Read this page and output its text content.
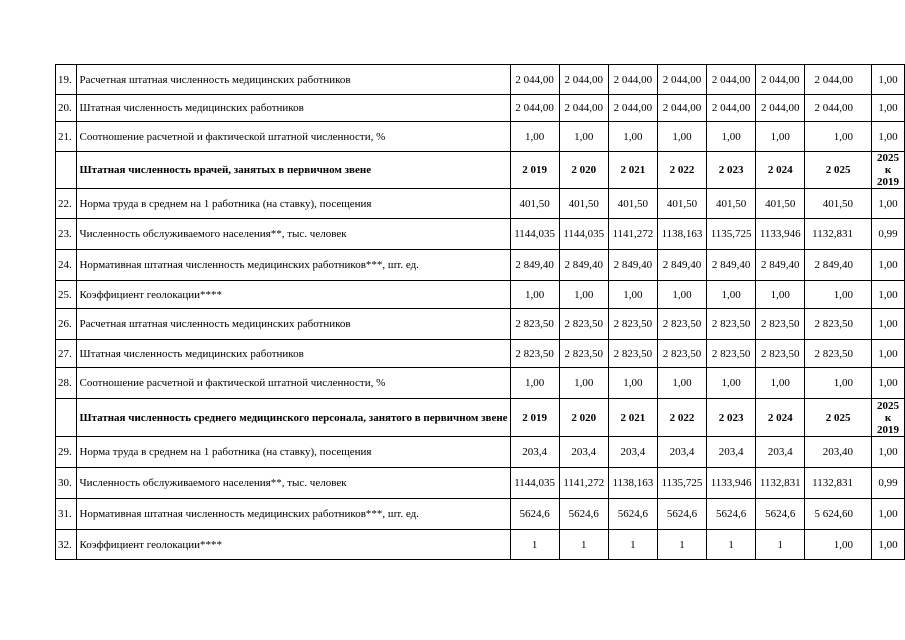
19.	Расчетная штатная численность медицинских работников	2 044,00	2 044,00	2 044,00	2 044,00	2 044,00	2 044,00	2 044,00	1,00
20.	Штатная численность медицинских работников	2 044,00	2 044,00	2 044,00	2 044,00	2 044,00	2 044,00	2 044,00	1,00
21.	Соотношение расчетной и фактической штатной численности, %	1,00	1,00	1,00	1,00	1,00	1,00	1,00	1,00
	Штатная численность врачей, занятых в первичном звене	2 019	2 020	2 021	2 022	2 023	2 024	2 025	2025 к 2019
22.	Норма труда в среднем на 1 работника (на ставку), посещения	401,50	401,50	401,50	401,50	401,50	401,50	401,50	1,00
23.	Численность обслуживаемого населения**, тыс. человек	1144,035	1144,035	1141,272	1138,163	1135,725	1133,946	1132,831	0,99
24.	Нормативная штатная численность медицинских работников***, шт. ед.	2 849,40	2 849,40	2 849,40	2 849,40	2 849,40	2 849,40	2 849,40	1,00
25.	Коэффициент геолокации****	1,00	1,00	1,00	1,00	1,00	1,00	1,00	1,00
26.	Расчетная штатная численность медицинских работников	2 823,50	2 823,50	2 823,50	2 823,50	2 823,50	2 823,50	2 823,50	1,00
27.	Штатная численность медицинских работников	2 823,50	2 823,50	2 823,50	2 823,50	2 823,50	2 823,50	2 823,50	1,00
28.	Соотношение расчетной и фактической штатной численности, %	1,00	1,00	1,00	1,00	1,00	1,00	1,00	1,00
	Штатная численность среднего медицинского персонала, занятого в первичном звене	2 019	2 020	2 021	2 022	2 023	2 024	2 025	2025 к 2019
29.	Норма труда в среднем на 1 работника (на ставку), посещения	203,4	203,4	203,4	203,4	203,4	203,4	203,40	1,00
30.	Численность обслуживаемого населения**, тыс. человек	1144,035	1141,272	1138,163	1135,725	1133,946	1132,831	1132,831	0,99
31.	Нормативная штатная численность медицинских работников***, шт. ед.	5624,6	5624,6	5624,6	5624,6	5624,6	5624,6	5 624,60	1,00
32.	Коэффициент геолокации****	1	1	1	1	1	1	1,00	1,00
